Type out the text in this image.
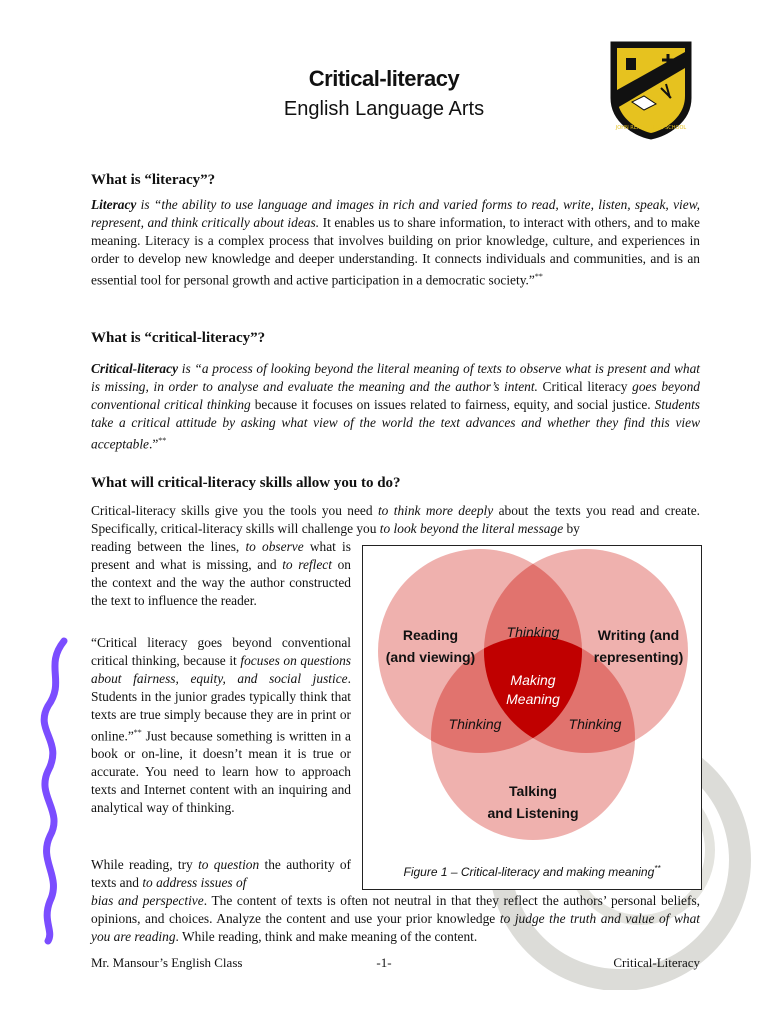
Critical-literacy
English Language Arts
JOHN RENNIE HIGH SCHOOL
What is “literacy”?

Literacy is “the ability to use language and images in rich and varied forms to read, write, listen, speak, view, represent, and think critically about ideas. It enables us to share information, to interact with others, and to make meaning. Literacy is a complex process that involves building on prior knowledge, culture, and experiences in order to develop new knowledge and deeper understanding. It connects individuals and communities, and is an essential tool for personal growth and active participation in a democratic society.”**

What is “critical-literacy”?

Critical-literacy is “a process of looking beyond the literal meaning of texts to observe what is present and what is missing, in order to analyse and evaluate the meaning and the author’s intent. Critical literacy goes beyond conventional critical thinking because it focuses on issues related to fairness, equity, and social justice. Students take a critical attitude by asking what view of the world the text advances and whether they find this view acceptable.”**

What will critical-literacy skills allow you to do?

Critical-literacy skills give you the tools you need to think more deeply about the texts you read and create. Specifically, critical-literacy skills will challenge you to look beyond the literal message by

reading between the lines, to observe what is present and what is missing, and to reflect on the context and the way the author constructed the text to influence the reader.

“Critical literacy goes beyond conventional critical thinking, because it focuses on questions about fairness, equity, and social justice. Students in the junior grades typically think that texts are true simply because they are in print or online.”** Just because something is written in a book or on-line, it doesn’t mean it is true or accurate. You need to learn how to approach texts and Internet content with an inquiring and analytical way of thinking.

While reading, try to question the authority of texts and to address issues of

bias and perspective. The content of texts is often not neutral in that they reflect the authors’ personal beliefs, opinions, and choices. Analyze the content and use your prior knowledge to judge the truth and value of what you are reading. While reading, think and make meaning of the content.

Reading
(and viewing)
Writing (and
representing)
Talking
and Listening
Thinking
Thinking	Thinking
Making
Meaning
Figure 1 – Critical-literacy and making meaning**
Mr. Mansour’s English Class	-1-	Critical-Literacy
